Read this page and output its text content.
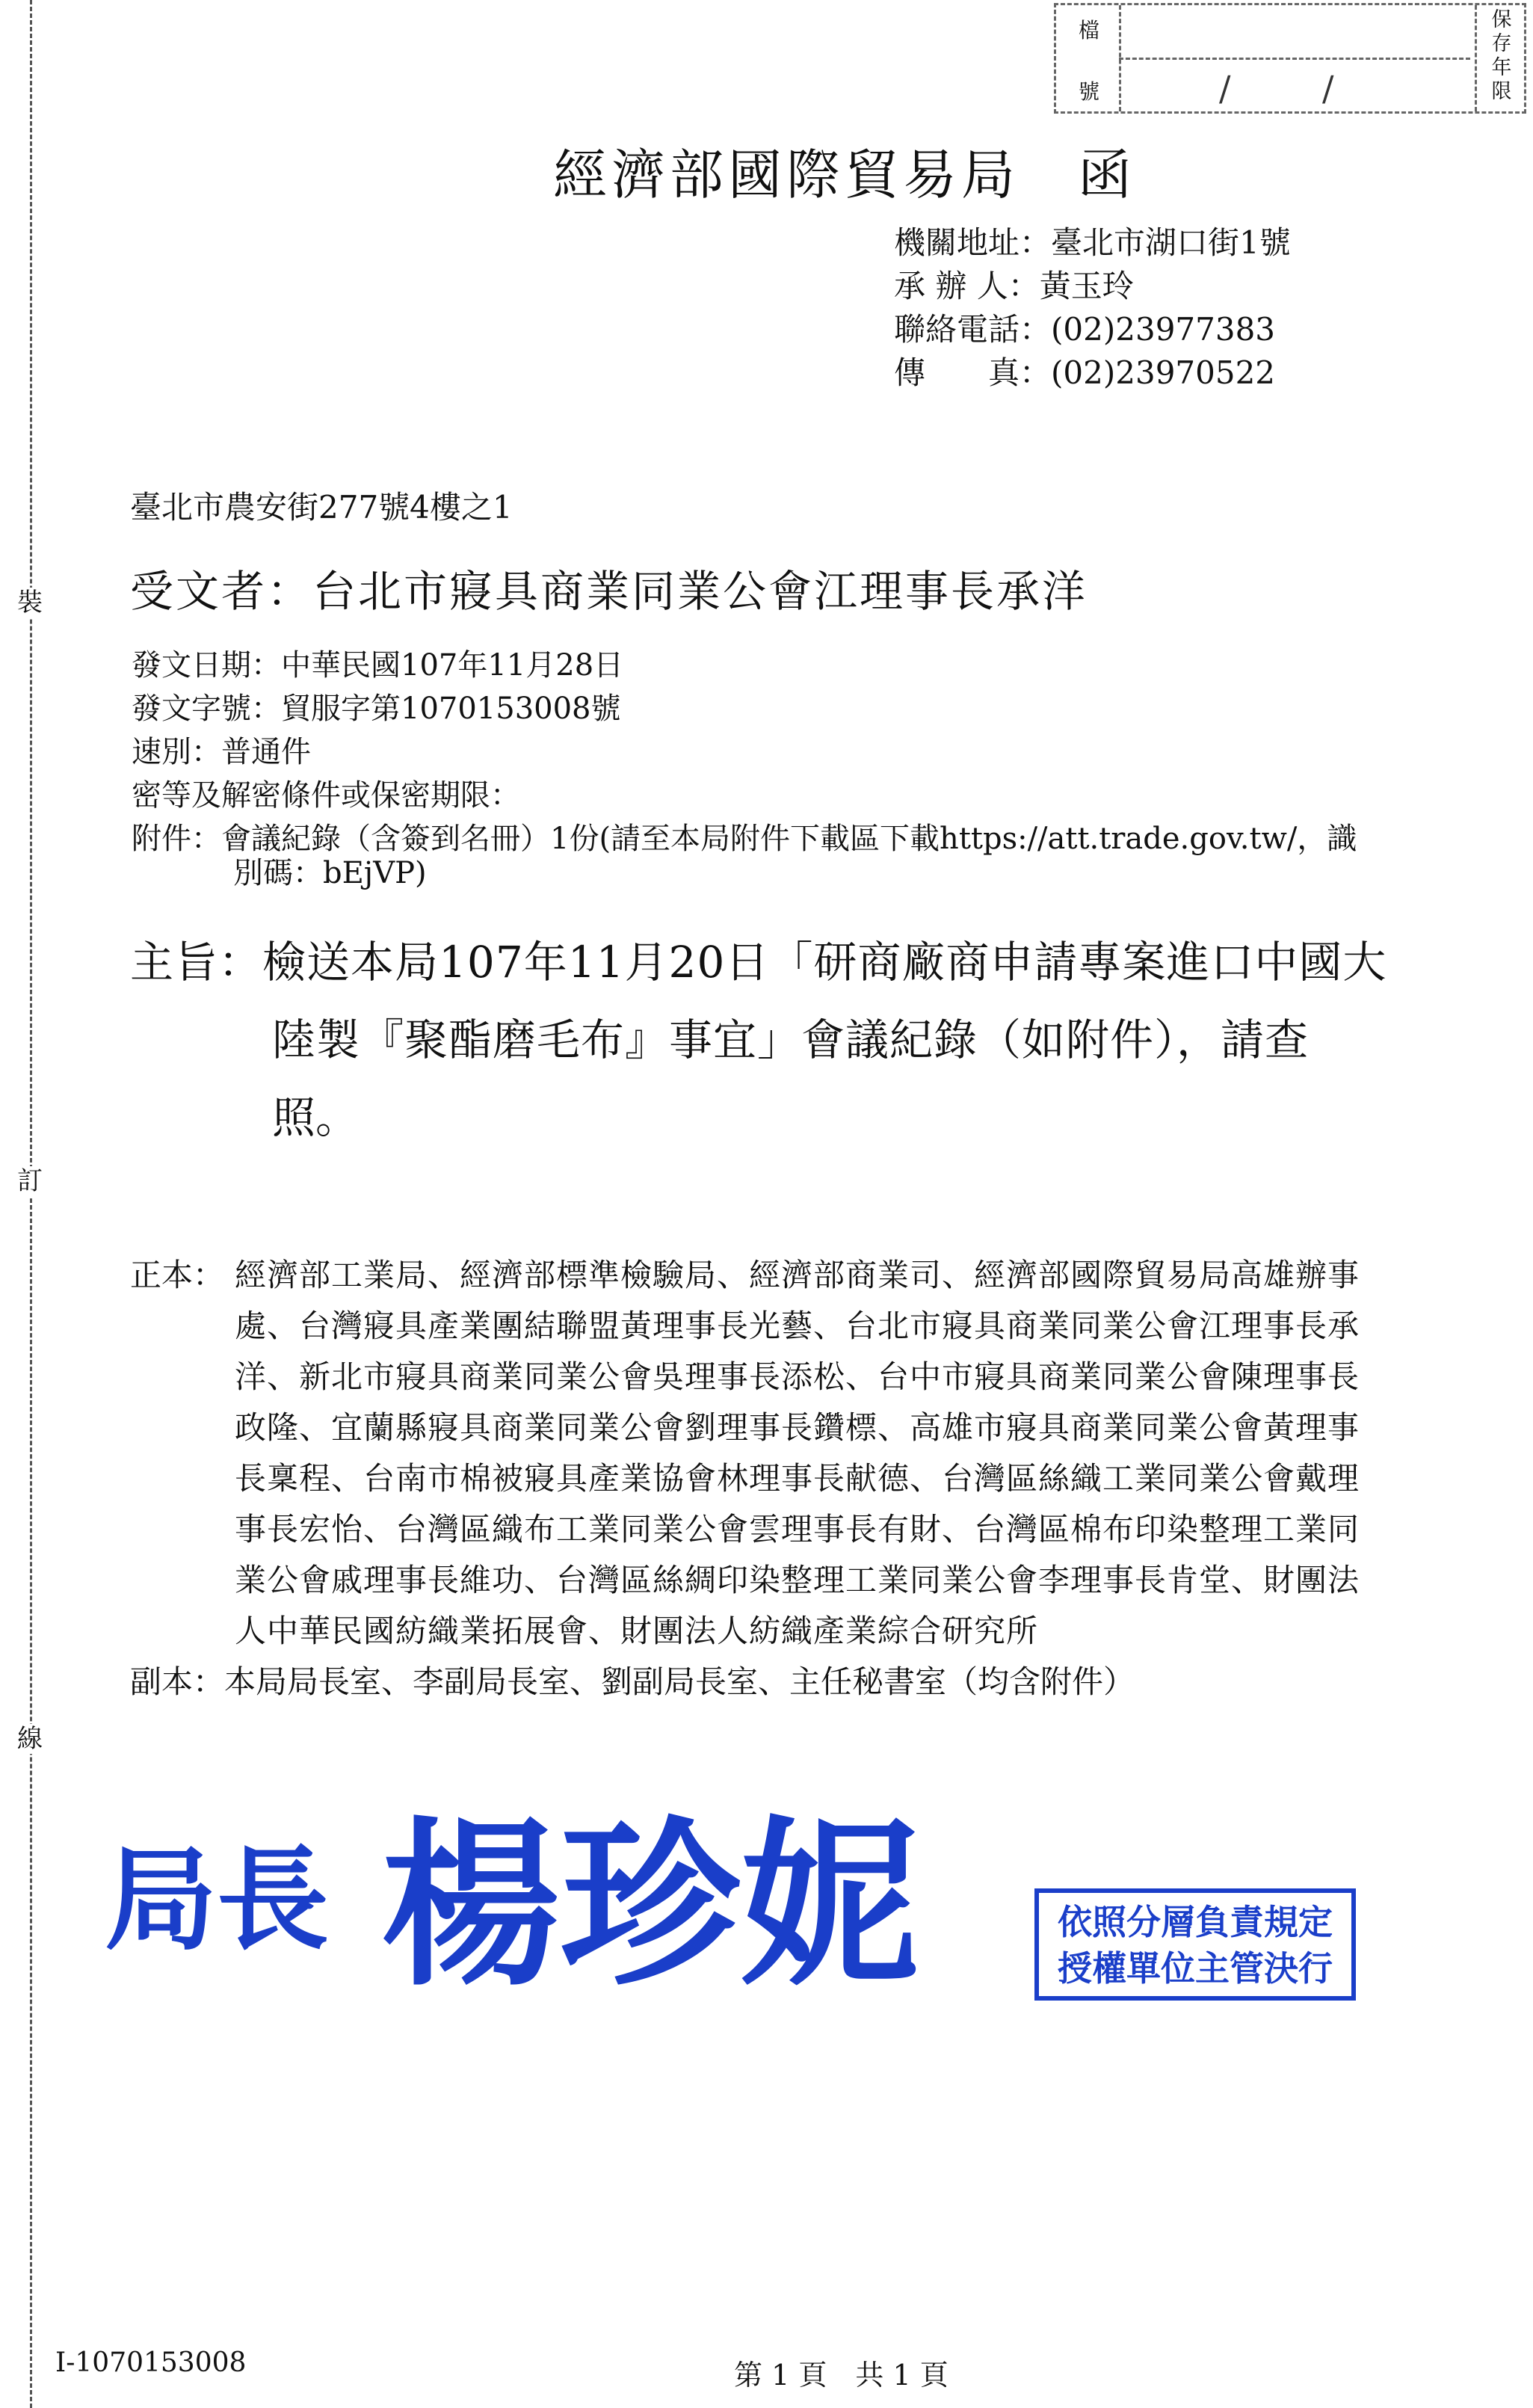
裝
訂
線
檔
號
保存年限
/	/
經濟部國際貿易局　函
機關地址：臺北市湖口街1號
承 辦 人：黃玉玲
聯絡電話：(02)23977383
傳　　真：(02)23970522
臺北市農安街277號4樓之1
受文者：台北市寢具商業同業公會江理事長承洋
發文日期：中華民國107年11月28日
發文字號：貿服字第1070153008號
速別：普通件
密等及解密條件或保密期限：
附件：會議紀錄（含簽到名冊）1份(請至本局附件下載區下載https://att.trade.gov.tw/，識
別碼：bEjVP)
主旨：檢送本局107年11月20日「研商廠商申請專案進口中國大
陸製『聚酯磨毛布』事宜」會議紀錄（如附件），請查
照。
正本： 經濟部工業局、經濟部標準檢驗局、經濟部商業司、經濟部國際貿易局高雄辦事
處、台灣寢具產業團結聯盟黃理事長光藝、台北市寢具商業同業公會江理事長承
洋、新北市寢具商業同業公會吳理事長添松、台中市寢具商業同業公會陳理事長
政隆、宜蘭縣寢具商業同業公會劉理事長鑽標、高雄市寢具商業同業公會黃理事
長稟程、台南市棉被寢具產業協會林理事長献德、台灣區絲織工業同業公會戴理
事長宏怡、台灣區織布工業同業公會雲理事長有財、台灣區棉布印染整理工業同
業公會戚理事長維功、台灣區絲綢印染整理工業同業公會李理事長肯堂、財團法
人中華民國紡織業拓展會、財團法人紡織產業綜合研究所
副本：本局局長室、李副局長室、劉副局長室、主任秘書室（均含附件）
局長 楊珍妮	依照分層負責規定
授權單位主管決行
I-1070153008	第 1 頁　共 1 頁
